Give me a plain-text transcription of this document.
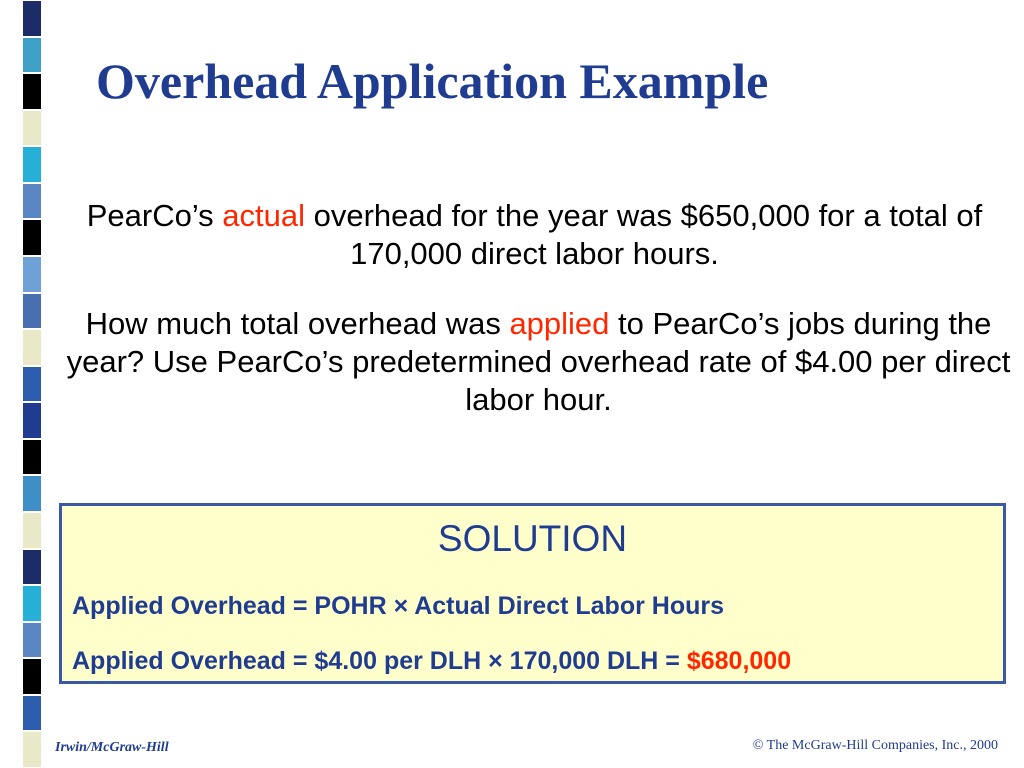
Overhead Application Example
PearCo’s actual overhead for the year was $650,000 for a total of 170,000 direct labor hours.
How much total overhead was applied to PearCo’s jobs during the year? Use PearCo’s predetermined overhead rate of $4.00 per direct labor hour.
SOLUTION
Applied Overhead = POHR × Actual Direct Labor Hours
Applied Overhead = $4.00 per DLH × 170,000 DLH = $680,000
Irwin/McGraw-Hill	© The McGraw-Hill Companies, Inc., 2000
